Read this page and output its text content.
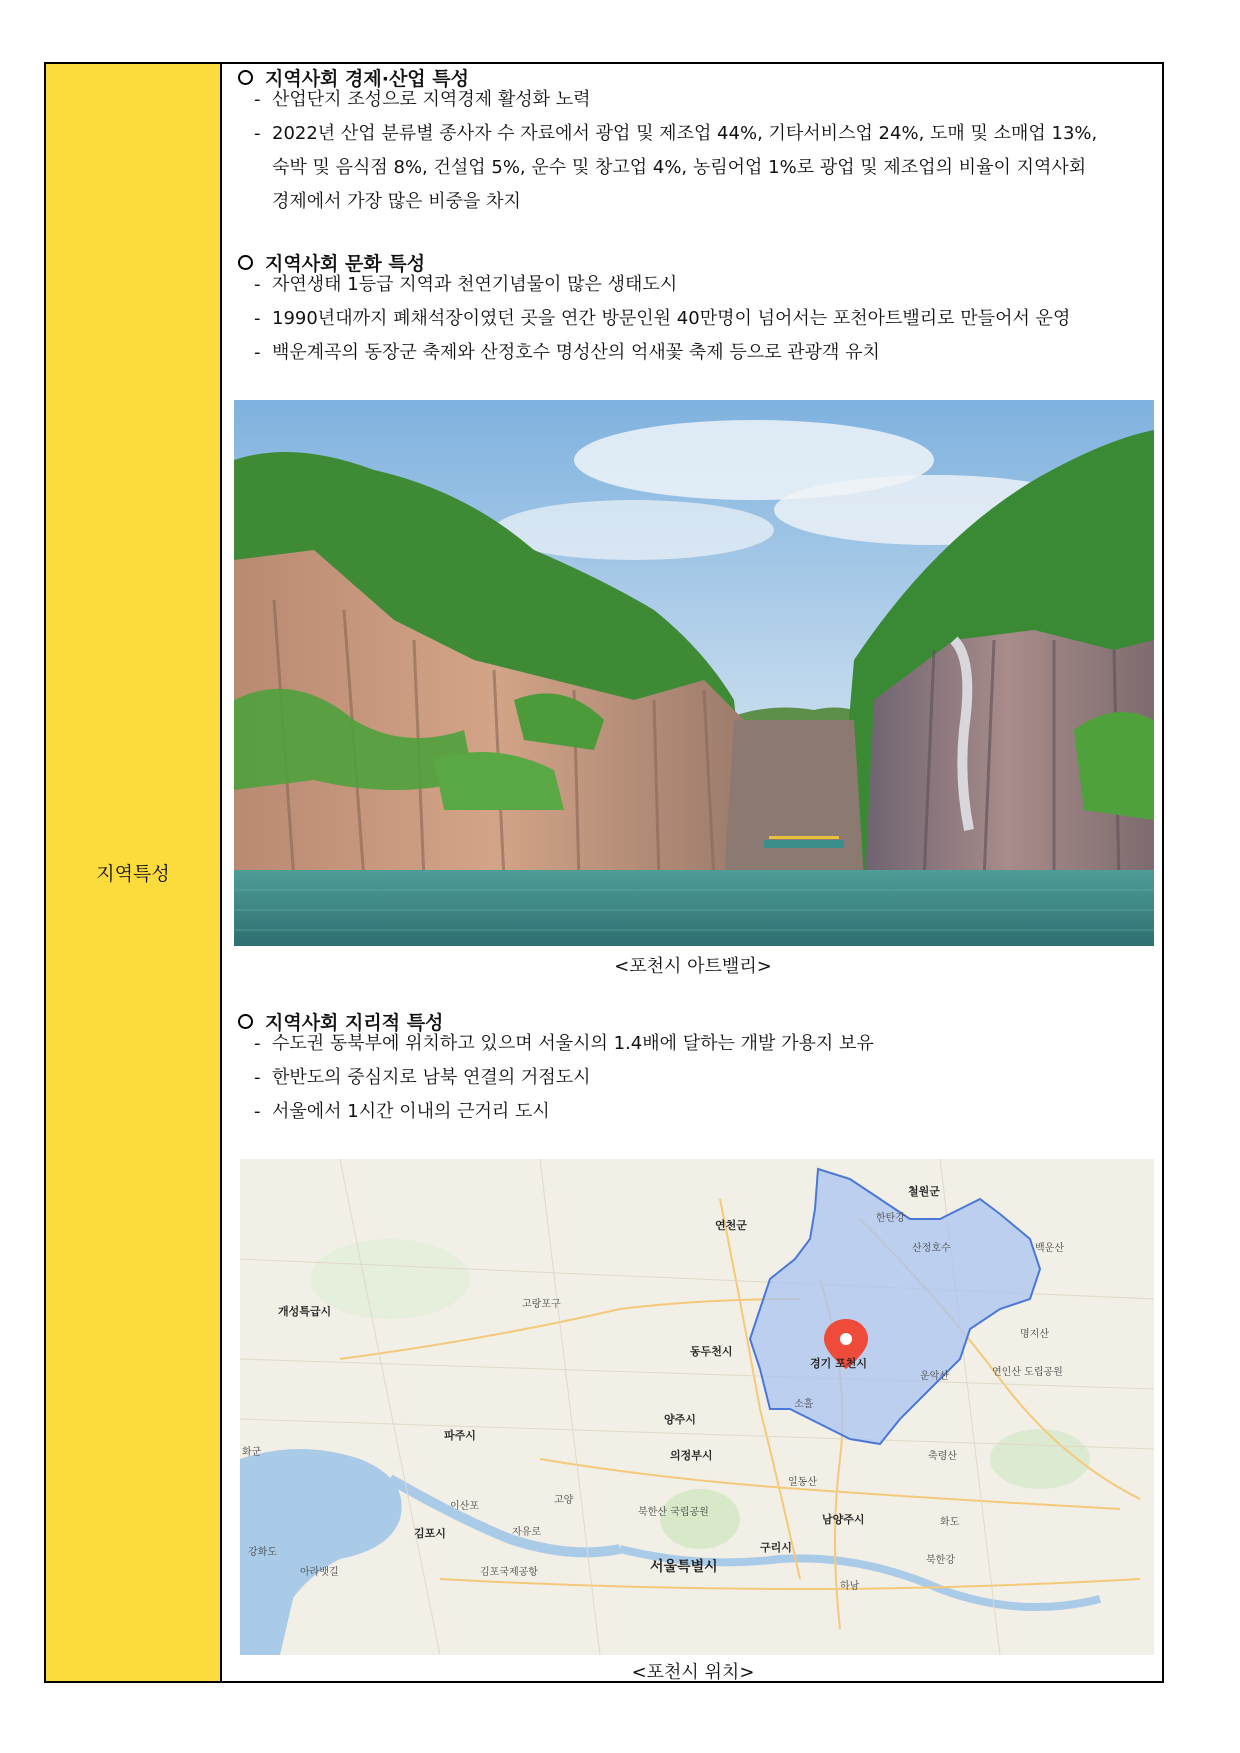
지역특성
지역사회 경제·산업 특성
- 산업단지 조성으로 지역경제 활성화 노력
- 2022년 산업 분류별 종사자 수 자료에서 광업 및 제조업 44%, 기타서비스업 24%, 도매 및 소매업 13%,
숙박 및 음식점 8%, 건설업 5%, 운수 및 창고업 4%, 농림어업 1%로 광업 및 제조업의 비율이 지역사회
경제에서 가장 많은 비중을 차지
지역사회 문화 특성
- 자연생태 1등급 지역과 천연기념물이 많은 생태도시
- 1990년대까지 폐채석장이였던 곳을 연간 방문인원 40만명이 넘어서는 포천아트밸리로 만들어서 운영
- 백운계곡의 동장군 축제와 산정호수 명성산의 억새꽃 축제 등으로 관광객 유치
<포천시 아트밸리>
지역사회 지리적 특성
- 수도권 동북부에 위치하고 있으며 서울시의 1.4배에 달하는 개발 가용지 보유
- 한반도의 중심지로 남북 연결의 거점도시
- 서울에서 1시간 이내의 근거리 도시
철원군
한탄강
연천군
산정호수	백운산
개성특급시
고랑포구
명지산
동두천시
경기 포천시
운악산	연인산 도립공원
소흘
양주시
파주시
화군	축령산
의정부시
일동산
북한산 국립공원
고양
이산포
남양주시	화도
김포시	자유로
구리시
서울특별시
김포국제공항
북한강
하남
강화도
아라뱃길
<포천시 위치>
